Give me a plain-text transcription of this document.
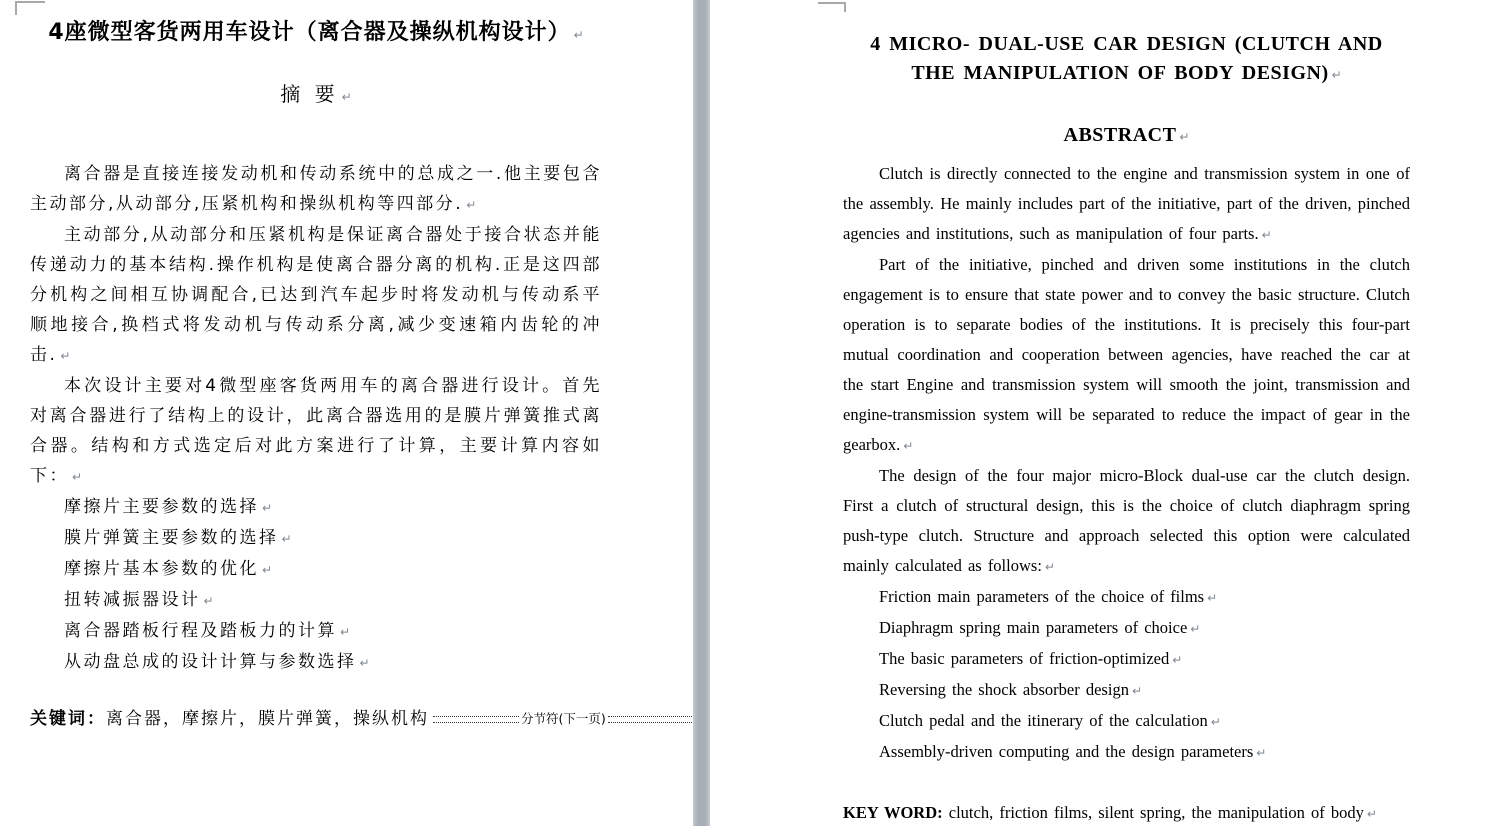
4座微型客货两用车设计（离合器及操纵机构设计） ↵
摘 要 ↵

离合器是直接连接发动机和传动系统中的总成之一.他主要包含主动部分,从动部分,压紧机构和操纵机构等四部分. ↵

主动部分,从动部分和压紧机构是保证离合器处于接合状态并能传递动力的基本结构.操作机构是使离合器分离的机构.正是这四部分机构之间相互协调配合,已达到汽车起步时将发动机与传动系平顺地接合,换档式将发动机与传动系分离,减少变速箱内齿轮的冲击. ↵

本次设计主要对4微型座客货两用车的离合器进行设计。首先对离合器进行了结构上的设计，此离合器选用的是膜片弹簧推式离合器。结构和方式选定后对此方案进行了计算，主要计算内容如下： ↵

摩擦片主要参数的选择 ↵
膜片弹簧主要参数的选择 ↵
摩擦片基本参数的优化 ↵
扭转减振器设计 ↵
离合器踏板行程及踏板力的计算 ↵
从动盘总成的设计计算与参数选择 ↵
关键词： 离合器，摩擦片，膜片弹簧，操纵机构	分节符(下一页)
4 MICRO- DUAL-USE CAR DESIGN (CLUTCH AND
THE MANIPULATION OF BODY DESIGN) ↵
ABSTRACT ↵

Clutch is directly connected to the engine and transmission system in one of the assembly. He mainly includes part of the initiative, part of the driven, pinched agencies and institutions, such as manipulation of four parts. ↵

Part of the initiative, pinched and driven some institutions in the clutch engagement is to ensure that state power and to convey the basic structure. Clutch operation is to separate bodies of the institutions. It is precisely this four-part mutual coordination and cooperation between agencies, have reached the car at the start Engine and transmission system will smooth the joint, transmission and engine-transmission system will be separated to reduce the impact of gear in the gearbox. ↵

The design of the four major micro-Block dual-use car the clutch design. First a clutch of structural design, this is the choice of clutch diaphragm spring push-type clutch. Structure and approach selected this option were calculated mainly calculated as follows: ↵

Friction main parameters of the choice of films ↵
Diaphragm spring main parameters of choice ↵
The basic parameters of friction-optimized ↵
Reversing the shock absorber design ↵
Clutch pedal and the itinerary of the calculation ↵
Assembly-driven computing and the design parameters ↵
KEY WORD: clutch, friction films, silent spring, the manipulation of body ↵
